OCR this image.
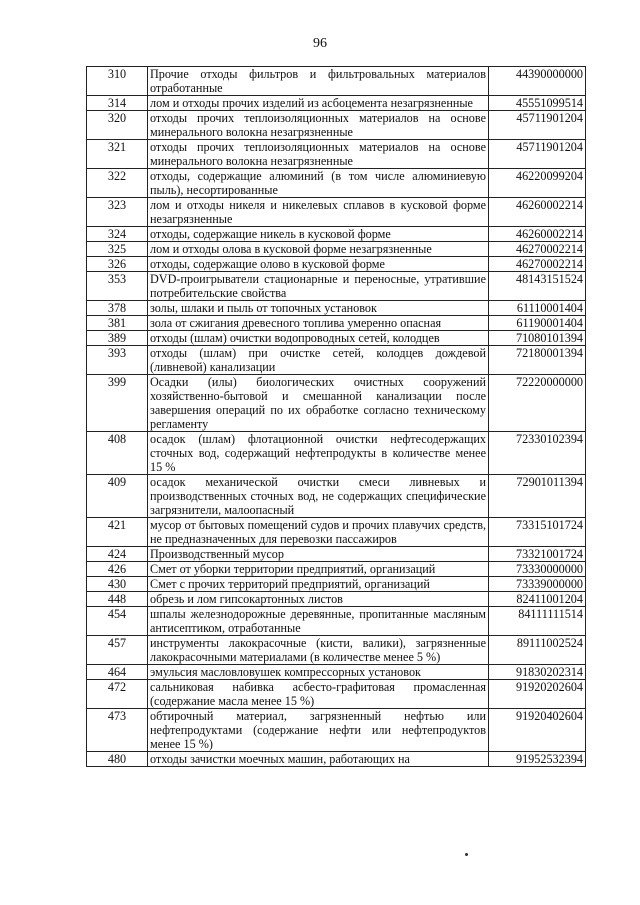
96
310	Прочие отходы фильтров и фильтровальных материалов отработанные	44390000000
314	лом и отходы прочих изделий из асбоцемента незагрязненные	45551099514
320	отходы прочих теплоизоляционных материалов на основе минерального волокна незагрязненные	45711901204
321	отходы прочих теплоизоляционных материалов на основе минерального волокна незагрязненные	45711901204
322	отходы, содержащие алюминий (в том числе алюминиевую пыль), несортированные	46220099204
323	лом и отходы никеля и никелевых сплавов в кусковой форме незагрязненные	46260002214
324	отходы, содержащие никель в кусковой форме	46260002214
325	лом и отходы олова в кусковой форме незагрязненные	46270002214
326	отходы, содержащие олово в кусковой форме	46270002214
353	DVD-проигрыватели стационарные и переносные, утратившие потребительские свойства	48143151524
378	золы, шлаки и пыль от топочных установок	61110001404
381	зола от сжигания древесного топлива умеренно опасная	61190001404
389	отходы (шлам) очистки водопроводных сетей, колодцев	71080101394
393	отходы (шлам) при очистке сетей, колодцев дождевой (ливневой) канализации	72180001394
399	Осадки (илы) биологических очистных сооружений хозяйственно-бытовой и смешанной канализации после завершения операций по их обработке согласно техническому регламенту	72220000000
408	осадок (шлам) флотационной очистки нефтесодержащих сточных вод, содержащий нефтепродукты в количестве менее 15 %	72330102394
409	осадок механической очистки смеси ливневых и производственных сточных вод, не содержащих специфические загрязнители, малоопасный	72901011394
421	мусор от бытовых помещений судов и прочих плавучих средств, не предназначенных для перевозки пассажиров	73315101724
424	Производственный мусор	73321001724
426	Смет от уборки территории предприятий, организаций	73330000000
430	Смет с прочих территорий предприятий, организаций	73339000000
448	обрезь и лом гипсокартонных листов	82411001204
454	шпалы железнодорожные деревянные, пропитанные масляным антисептиком, отработанные	84111111514
457	инструменты лакокрасочные (кисти, валики), загрязненные лакокрасочными материалами (в количестве менее 5 %)	89111002524
464	эмульсия масловловушек компрессорных установок	91830202314
472	сальниковая набивка асбесто-графитовая промасленная (содержание масла менее 15 %)	91920202604
473	обтирочный материал, загрязненный нефтью или нефтепродуктами (содержание нефти или нефтепродуктов менее 15 %)	91920402604
480	отходы зачистки моечных машин, работающих на	91952532394
